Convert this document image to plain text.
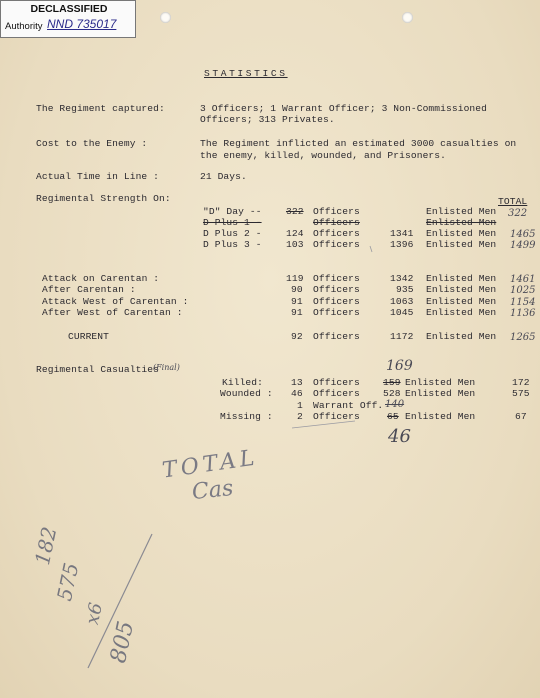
DECLASSIFIED
Authority NND 735017
STATISTICS
The Regiment captured:	3 Officers; 1 Warrant Officer; 3 Non-Commissioned
Officers; 313 Privates.
Cost to the Enemy :	The Regiment inflicted an estimated 3000 casualties on
the enemy, killed, wounded, and Prisoners.
Actual Time in Line :	21 Days.
Regimental Strength On:	TOTAL
"D" Day --	322 Officers	Enlisted Men 322
D Plus 1 -	Officers	Enlisted Men
D Plus 2 -	124 Officers	1341 Enlisted Men 1465
D Plus 3 -	103 Officers	1396 Enlisted Men 1499
Attack on Carentan :	119 Officers	1342 Enlisted Men 1461
After Carentan :	90 Officers	935 Enlisted Men 1025
Attack West of Carentan :	91 Officers	1063 Enlisted Men 1154
After West of Carentan :	91 Officers	1045 Enlisted Men 1136
CURRENT	92 Officers	1172 Enlisted Men 1265
Regimental Casualties
(Final)	169
Killed:	13 Officers 159 Enlisted Men	172
Wounded : 46 Officers 528 Enlisted Men	575
1 Warrant Off. 140
Missing :	2 Officers	65 Enlisted Men	67
46
TOTAL
Cas
182
575
x6
805
